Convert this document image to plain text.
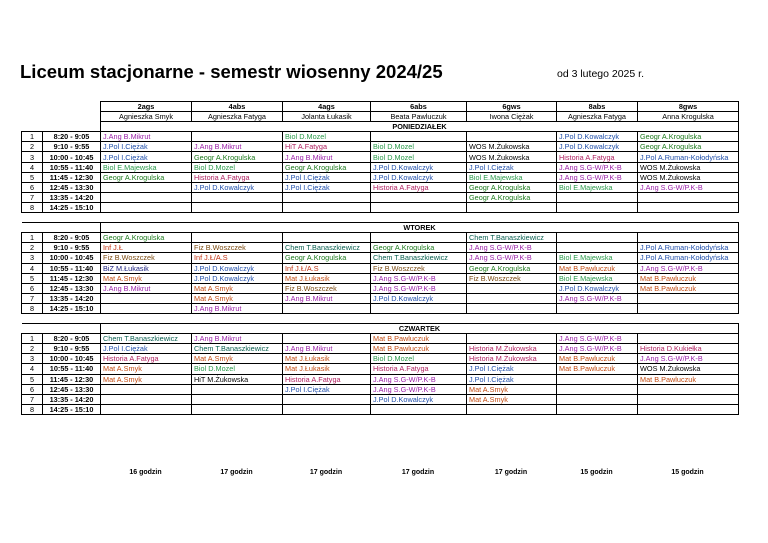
Liceum stacjonarne - semestr wiosenny 2024/25	od 3 lutego 2025 r.
		2ags	4abs	4ags	6abs	6gws	8abs	8gws
		Agnieszka Smyk	Agnieszka Fatyga	Jolanta Łukasik	Beata Pawluczuk	Iwona Ciężak	Agnieszka Fatyga	Anna Krogulska
		PONIEDZIAŁEK						
1	8:20 - 9:05	J.Ang B.Mikrut		Biol D.Mozel			J.Pol D.Kowalczyk	Geogr A.Krogulska
2	9:10 - 9:55	J.Pol I.Ciężak	J.Ang B.Mikrut	HiT A.Fatyga	Biol D.Mozel	WOS M.Żukowska	J.Pol D.Kowalczyk	Geogr A.Krogulska
3	10:00 - 10:45	J.Pol I.Ciężak	Geogr A.Krogulska	J.Ang B.Mikrut	Biol D.Mozel	WOS M.Żukowska	Historia A.Fatyga	J.Pol A.Ruman-Kołodyńska
4	10:55 - 11:40	Biol E.Majewska	Biol D.Mozel	Geogr A.Krogulska	J.Pol D.Kowalczyk	J.Pol I.Ciężak	J.Ang S.G-W/P.K-B	WOS M.Żukowska
5	11:45 - 12:30	Geogr A.Krogulska	Historia A.Fatyga	J.Pol I.Ciężak	J.Pol D.Kowalczyk	Biol E.Majewska	J.Ang S.G-W/P.K-B	WOS M.Żukowska
6	12:45 - 13:30		J.Pol D.Kowalczyk	J.Pol I.Ciężak	Historia A.Fatyga	Geogr A.Krogulska	Biol E.Majewska	J.Ang S.G-W/P.K-B
7	13:35 - 14:20					Geogr A.Krogulska		
8	14:25 - 15:10							

		WTOREK						
1	8:20 - 9:05	Geogr A.Krogulska				Chem T.Banaszkiewicz		
2	9:10 - 9:55	Inf J.Ł	Fiz B.Woszczek	Chem T.Banaszkiewicz	Geogr A.Krogulska	J.Ang S.G-W/P.K-B		J.Pol A.Ruman-Kołodyńska
3	10:00 - 10:45	Fiz B.Woszczek	Inf J.Ł/A.S	Geogr A.Krogulska	Chem T.Banaszkiewicz	J.Ang S.G-W/P.K-B	Biol E.Majewska	J.Pol A.Ruman-Kołodyńska
4	10:55 - 11:40	BiZ M.Łukasik	J.Pol D.Kowalczyk	Inf J.Ł/A.S	Fiz B.Woszczek	Geogr A.Krogulska	Mat B.Pawluczuk	J.Ang S.G-W/P.K-B
5	11:45 - 12:30	Mat A.Smyk	J.Pol D.Kowalczyk	Mat J.Łukasik	J.Ang S.G-W/P.K-B	Fiz B.Woszczek	Biol E.Majewska	Mat B.Pawluczuk
6	12:45 - 13:30	J.Ang B.Mikrut	Mat A.Smyk	Fiz B.Woszczek	J.Ang S.G-W/P.K-B		J.Pol D.Kowalczyk	Mat B.Pawluczuk
7	13:35 - 14:20		Mat A.Smyk	J.Ang B.Mikrut	J.Pol D.Kowalczyk		J.Ang S.G-W/P.K-B	
8	14:25 - 15:10		J.Ang B.Mikrut					

		CZWARTEK						
1	8:20 - 9:05	Chem T.Banaszkiewicz	J.Ang B.Mikrut		Mat B.Pawluczuk		J.Ang S.G-W/P.K-B	
2	9:10 - 9:55	J.Pol I.Ciężak	Chem T.Banaszkiewicz	J.Ang B.Mikrut	Mat B.Pawluczuk	Historia M.Żukowska	J.Ang S.G-W/P.K-B	Historia D.Kukiełka
3	10:00 - 10:45	Historia A.Fatyga	Mat A.Smyk	Mat J.Łukasik	Biol D.Mozel	Historia M.Żukowska	Mat B.Pawluczuk	J.Ang S.G-W/P.K-B
4	10:55 - 11:40	Mat A.Smyk	Biol D.Mozel	Mat J.Łukasik	Historia A.Fatyga	J.Pol I.Ciężak	Mat B.Pawluczuk	WOS M.Żukowska
5	11:45 - 12:30	Mat A.Smyk	HiT M.Żukowska	Historia A.Fatyga	J.Ang S.G-W/P.K-B	J.Pol I.Ciężak		Mat B.Pawluczuk
6	12:45 - 13:30			J.Pol I.Ciężak	J.Ang S.G-W/P.K-B	Mat A.Smyk		
7	13:35 - 14:20				J.Pol D.Kowalczyk	Mat A.Smyk		
8	14:25 - 15:10							
16 godzin	17 godzin	17 godzin	17 godzin	17 godzin	15 godzin	15 godzin
